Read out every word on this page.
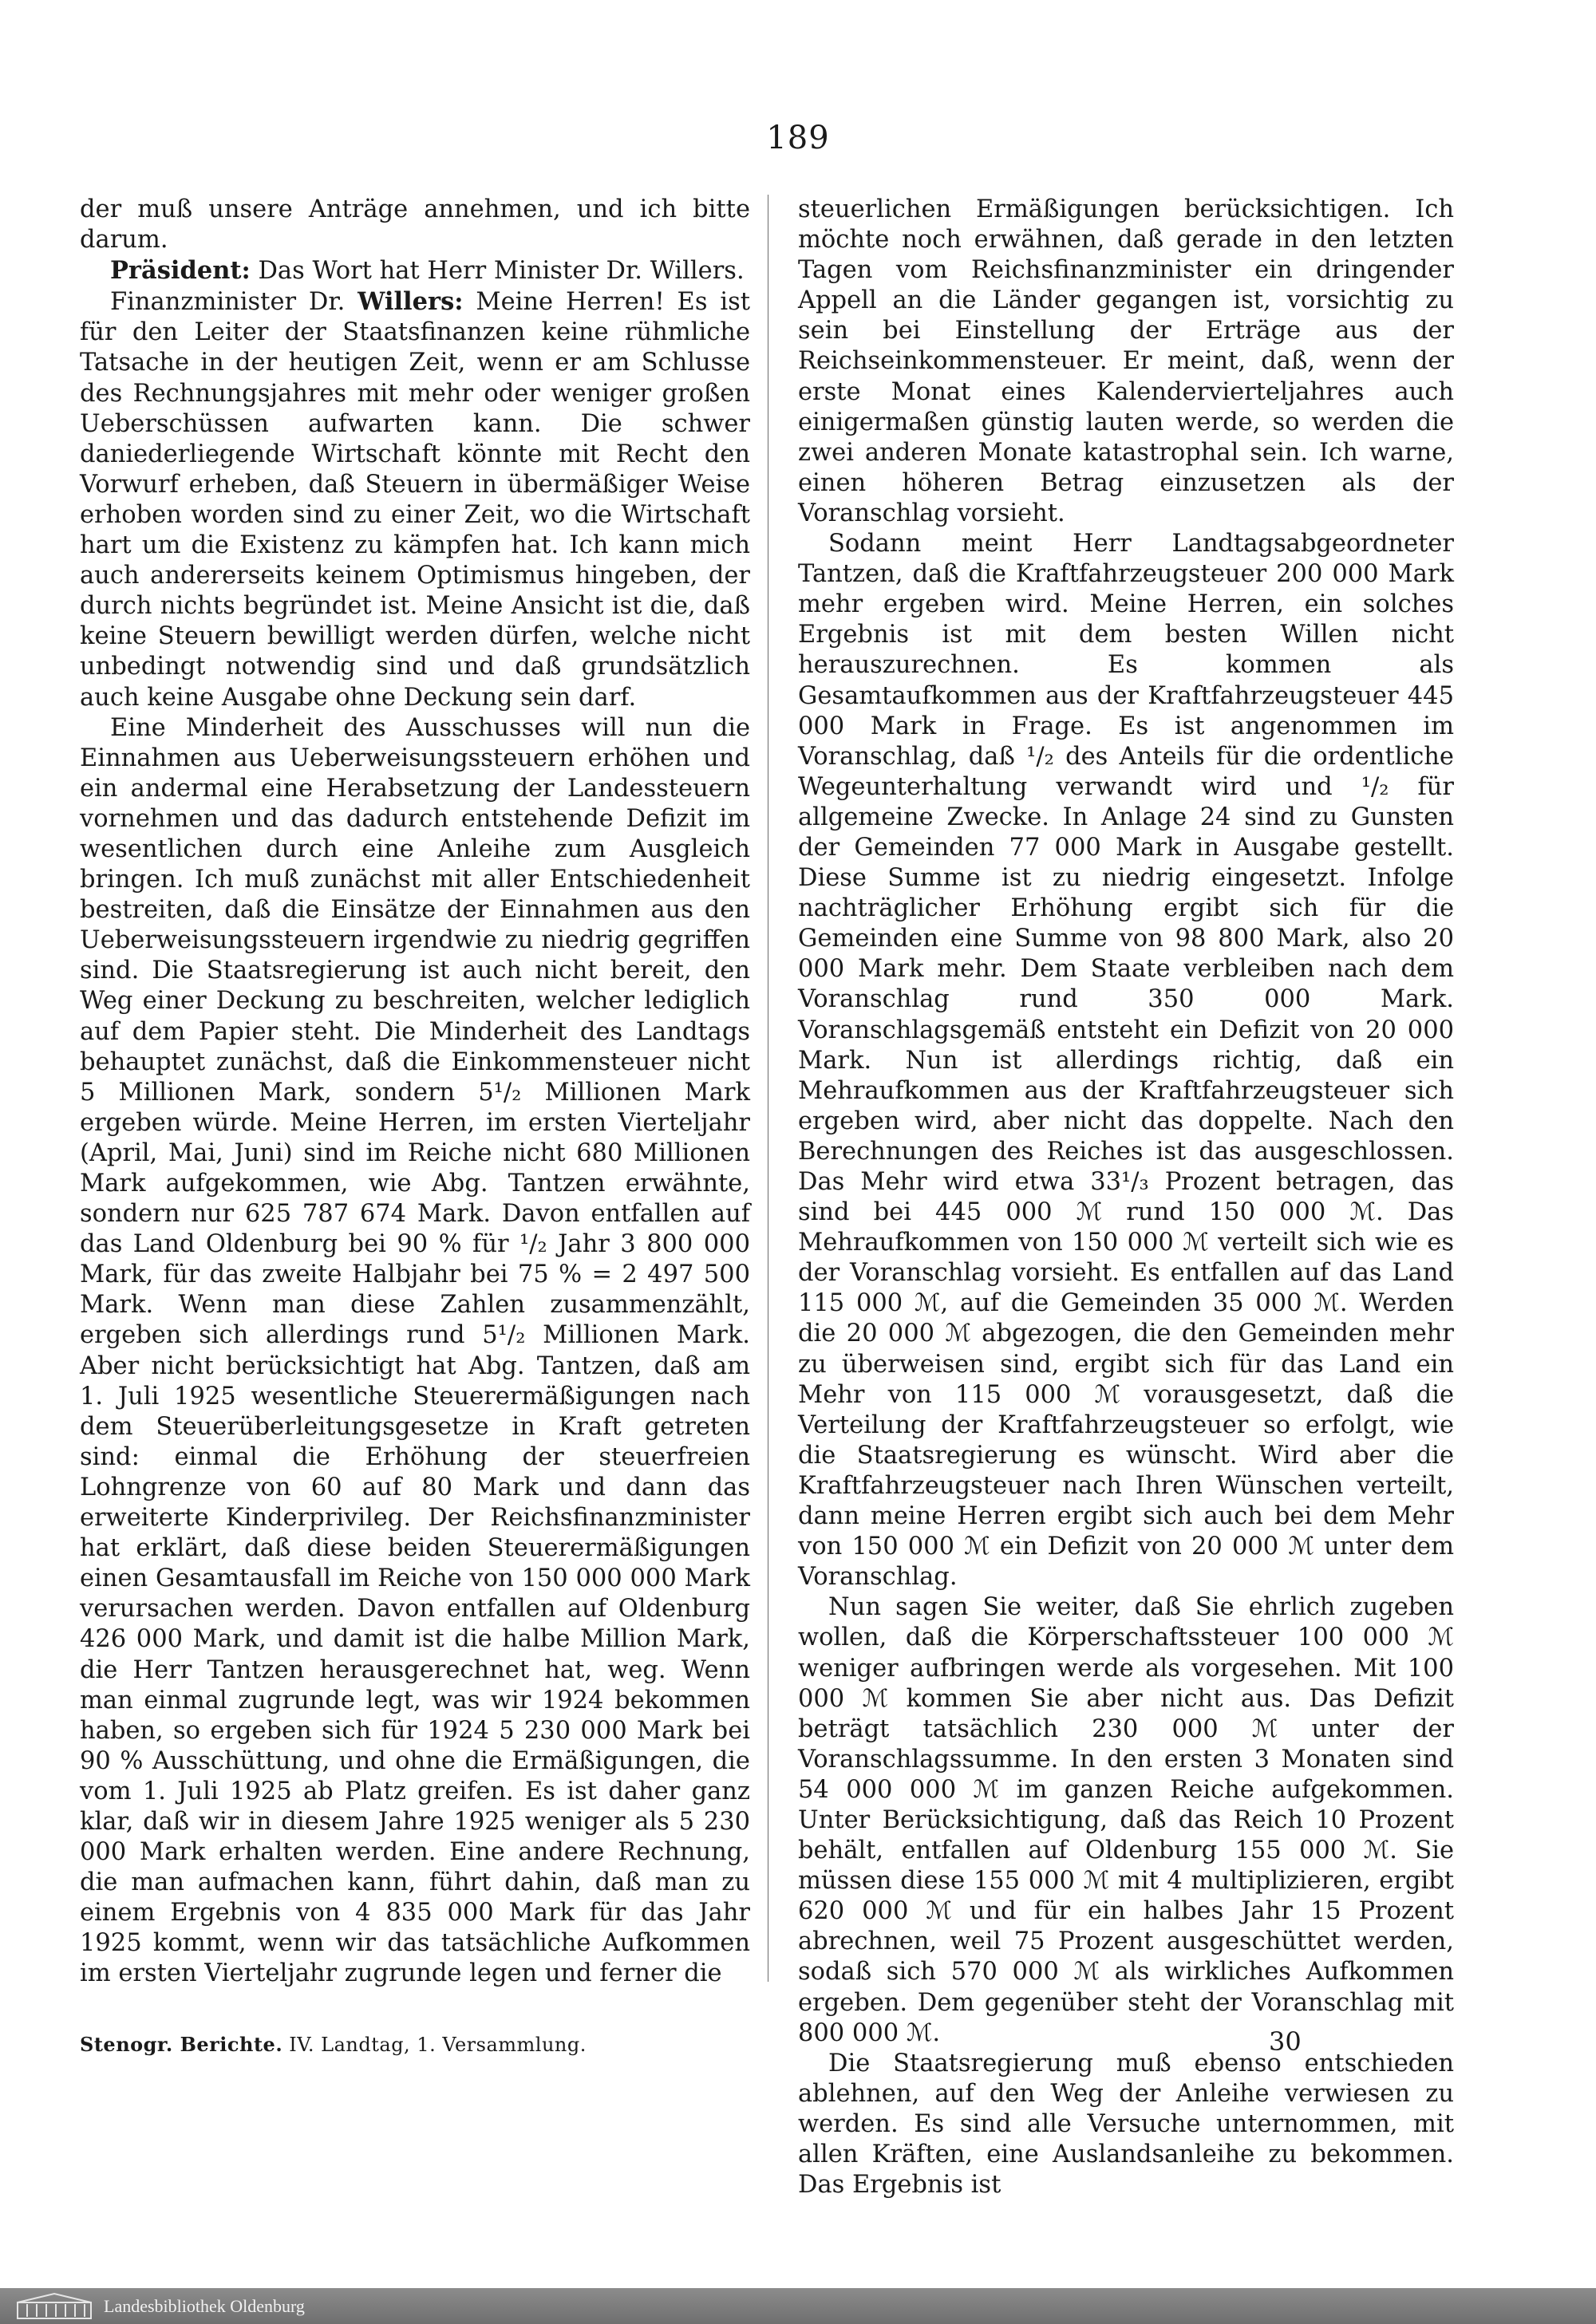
189

der muß unsere Anträge annehmen, und ich bitte darum.

Präsident: Das Wort hat Herr Minister Dr. Willers.

Finanzminister Dr. Willers: Meine Herren! Es ist für den Leiter der Staatsfinanzen keine rühmliche Tatsache in der heutigen Zeit, wenn er am Schlusse des Rechnungsjahres mit mehr oder weniger großen Ueberschüssen aufwarten kann. Die schwer daniederliegende Wirtschaft könnte mit Recht den Vorwurf erheben, daß Steuern in übermäßiger Weise erhoben worden sind zu einer Zeit, wo die Wirtschaft hart um die Existenz zu kämpfen hat. Ich kann mich auch andererseits keinem Optimismus hingeben, der durch nichts begründet ist. Meine Ansicht ist die, daß keine Steuern bewilligt werden dürfen, welche nicht unbedingt notwendig sind und daß grundsätzlich auch keine Ausgabe ohne Deckung sein darf.

Eine Minderheit des Ausschusses will nun die Einnahmen aus Ueberweisungssteuern erhöhen und ein andermal eine Herabsetzung der Landessteuern vornehmen und das dadurch entstehende Defizit im wesentlichen durch eine Anleihe zum Ausgleich bringen. Ich muß zunächst mit aller Entschiedenheit bestreiten, daß die Einsätze der Einnahmen aus den Ueberweisungssteuern irgendwie zu niedrig gegriffen sind. Die Staatsregierung ist auch nicht bereit, den Weg einer Deckung zu beschreiten, welcher lediglich auf dem Papier steht. Die Minderheit des Landtags behauptet zunächst, daß die Einkommensteuer nicht 5 Millionen Mark, sondern 5¹/₂ Millionen Mark ergeben würde. Meine Herren, im ersten Vierteljahr (April, Mai, Juni) sind im Reiche nicht 680 Millionen Mark aufgekommen, wie Abg. Tantzen erwähnte, sondern nur 625 787 674 Mark. Davon entfallen auf das Land Oldenburg bei 90 % für ¹/₂ Jahr 3 800 000 Mark, für das zweite Halbjahr bei 75 % = 2 497 500 Mark. Wenn man diese Zahlen zusammenzählt, ergeben sich allerdings rund 5¹/₂ Millionen Mark. Aber nicht berücksichtigt hat Abg. Tantzen, daß am 1. Juli 1925 wesentliche Steuerermäßigungen nach dem Steuerüberleitungsgesetze in Kraft getreten sind: einmal die Erhöhung der steuerfreien Lohngrenze von 60 auf 80 Mark und dann das erweiterte Kinderprivileg. Der Reichsfinanzminister hat erklärt, daß diese beiden Steuerermäßigungen einen Gesamtausfall im Reiche von 150 000 000 Mark verursachen werden. Davon entfallen auf Oldenburg 426 000 Mark, und damit ist die halbe Million Mark, die Herr Tantzen herausgerechnet hat, weg. Wenn man einmal zugrunde legt, was wir 1924 bekommen haben, so ergeben sich für 1924 5 230 000 Mark bei 90 % Ausschüttung, und ohne die Ermäßigungen, die vom 1. Juli 1925 ab Platz greifen. Es ist daher ganz klar, daß wir in diesem Jahre 1925 weniger als 5 230 000 Mark erhalten werden. Eine andere Rechnung, die man aufmachen kann, führt dahin, daß man zu einem Ergebnis von 4 835 000 Mark für das Jahr 1925 kommt, wenn wir das tatsächliche Aufkommen im ersten Vierteljahr zugrunde legen und ferner die

steuerlichen Ermäßigungen berücksichtigen. Ich möchte noch erwähnen, daß gerade in den letzten Tagen vom Reichsfinanzminister ein dringender Appell an die Länder gegangen ist, vorsichtig zu sein bei Einstellung der Erträge aus der Reichseinkommensteuer. Er meint, daß, wenn der erste Monat eines Kalendervierteljahres auch einigermaßen günstig lauten werde, so werden die zwei anderen Monate katastrophal sein. Ich warne, einen höheren Betrag einzusetzen als der Voranschlag vorsieht.

Sodann meint Herr Landtagsabgeordneter Tantzen, daß die Kraftfahrzeugsteuer 200 000 Mark mehr ergeben wird. Meine Herren, ein solches Ergebnis ist mit dem besten Willen nicht herauszurechnen. Es kommen als Gesamtaufkommen aus der Kraftfahrzeugsteuer 445 000 Mark in Frage. Es ist angenommen im Voranschlag, daß ¹/₂ des Anteils für die ordentliche Wegeunterhaltung verwandt wird und ¹/₂ für allgemeine Zwecke. In Anlage 24 sind zu Gunsten der Gemeinden 77 000 Mark in Ausgabe gestellt. Diese Summe ist zu niedrig eingesetzt. Infolge nachträglicher Erhöhung ergibt sich für die Gemeinden eine Summe von 98 800 Mark, also 20 000 Mark mehr. Dem Staate verbleiben nach dem Voranschlag rund 350 000 Mark. Voranschlagsgemäß entsteht ein Defizit von 20 000 Mark. Nun ist allerdings richtig, daß ein Mehraufkommen aus der Kraftfahrzeugsteuer sich ergeben wird, aber nicht das doppelte. Nach den Berechnungen des Reiches ist das ausgeschlossen. Das Mehr wird etwa 33¹/₃ Prozent betragen, das sind bei 445 000 ℳ rund 150 000 ℳ. Das Mehraufkommen von 150 000 ℳ verteilt sich wie es der Voranschlag vorsieht. Es entfallen auf das Land 115 000 ℳ, auf die Gemeinden 35 000 ℳ. Werden die 20 000 ℳ abgezogen, die den Gemeinden mehr zu überweisen sind, ergibt sich für das Land ein Mehr von 115 000 ℳ vorausgesetzt, daß die Verteilung der Kraftfahrzeugsteuer so erfolgt, wie die Staatsregierung es wünscht. Wird aber die Kraftfahrzeugsteuer nach Ihren Wünschen verteilt, dann meine Herren ergibt sich auch bei dem Mehr von 150 000 ℳ ein Defizit von 20 000 ℳ unter dem Voranschlag.

Nun sagen Sie weiter, daß Sie ehrlich zugeben wollen, daß die Körperschaftssteuer 100 000 ℳ weniger aufbringen werde als vorgesehen. Mit 100 000 ℳ kommen Sie aber nicht aus. Das Defizit beträgt tatsächlich 230 000 ℳ unter der Voranschlagssumme. In den ersten 3 Monaten sind 54 000 000 ℳ im ganzen Reiche aufgekommen. Unter Berücksichtigung, daß das Reich 10 Prozent behält, entfallen auf Oldenburg 155 000 ℳ. Sie müssen diese 155 000 ℳ mit 4 multiplizieren, ergibt 620 000 ℳ und für ein halbes Jahr 15 Prozent abrechnen, weil 75 Prozent ausgeschüttet werden, sodaß sich 570 000 ℳ als wirkliches Aufkommen ergeben. Dem gegenüber steht der Voranschlag mit 800 000 ℳ.

Die Staatsregierung muß ebenso entschieden ablehnen, auf den Weg der Anleihe verwiesen zu werden. Es sind alle Versuche unternommen, mit allen Kräften, eine Auslandsanleihe zu bekommen. Das Ergebnis ist

Stenogr. Berichte. IV. Landtag, 1. Versammlung.	30
Landesbibliothek Oldenburg
